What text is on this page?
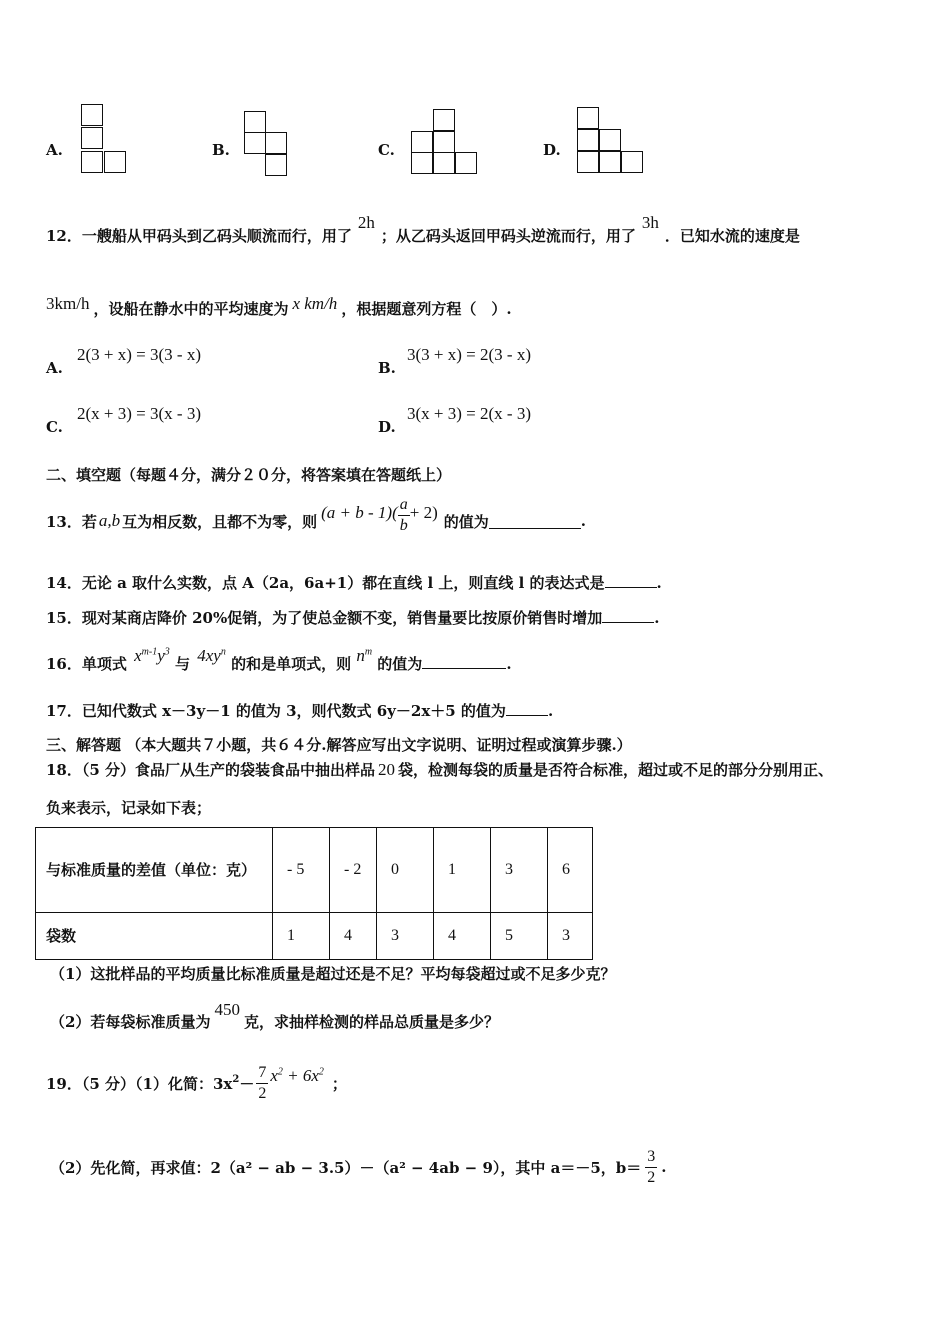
A.	B.	C.	D.
12．一艘船从甲码头到乙码头顺流而行，用了2h；从乙码头返回甲码头逆流而行，用了3h．已知水流的速度是
3km/h ，设船在静水中的平均速度为 x km/h ，根据题意列方程（　）.
A.
2(3 + x) = 3(3 - x)
B.
3(3 + x) = 2(3 - x)
C.
2(x + 3) = 3(x - 3)
D.
3(x + 3) = 2(x - 3)
二、填空题（每题４分，满分２０分，将答案填在答题纸上）
13．若 a,b 互为相反数，且都不为零，则 $(a + b - 1)( \frac{a}{b} + 2)$ 的值为	.
14．无论 a 取什么实数，点 A（2a，6a+1）都在直线 l 上，则直线 l 的表达式是	.
15．现对某商店降价 20%促销，为了使总金额不变，销售量要比按原价销售时增加	.
16．单项式 $x^{m-1}y^3$ 与 $4xy^n$ 的和是单项式，则 $n^m$ 的值为	.
17．已知代数式 x－3y－1 的值为 3，则代数式 6y－2x＋5 的值为	.
三、解答题 （本大题共７小题，共６４分.解答应写出文字说明、证明过程或演算步骤.）
18．（5 分）食品厂从生产的袋装食品中抽出样品 20 袋，检测每袋的质量是否符合标准，超过或不足的部分分别用正、
负来表示，记录如下表；
与标准质量的差值（单位：克）	- 5	- 2	0	1	3	6
袋数	1	4	3	4	5	3
（1）这批样品的平均质量比标准质量是超过还是不足？平均每袋超过或不足多少克？
（2）若每袋标准质量为450克，求抽样检测的样品总质量是多少？
19．（5 分）（1）化简：$3x^2 - \frac{7}{2} x^2 + 6x^2$
；
（2）先化简，再求值：2（a² − ab − 3.5）－（a² − 4ab − 9），其中 a＝－5，$b= \frac{3}{2}$ .
